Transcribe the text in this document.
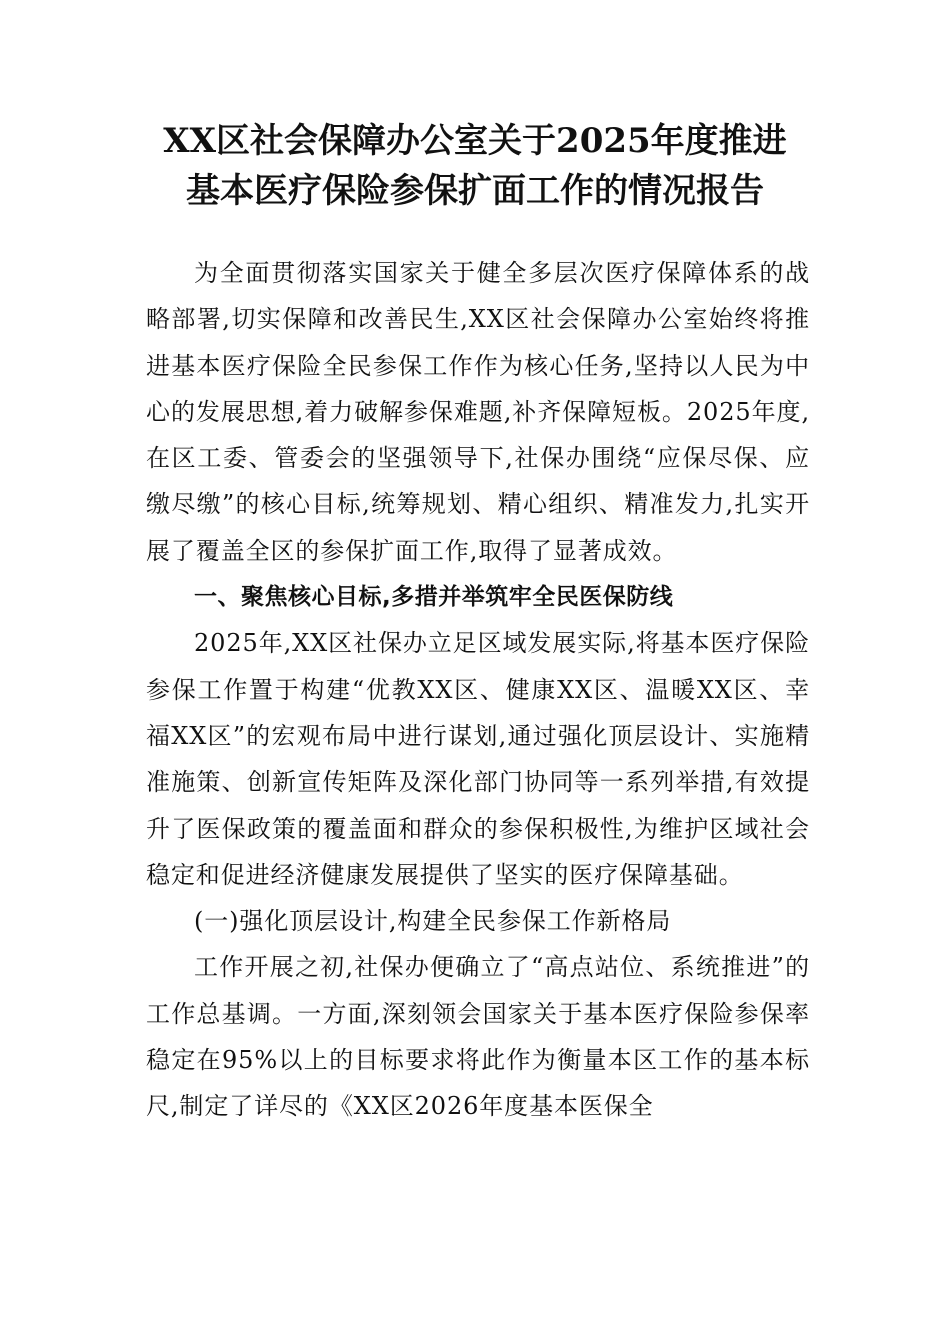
XX区社会保障办公室关于2025年度推进
基本医疗保险参保扩面工作的情况报告

为全面贯彻落实国家关于健全多层次医疗保障体系的战略部署,切实保障和改善民生,XX区社会保障办公室始终将推进基本医疗保险全民参保工作作为核心任务,坚持以人民为中心的发展思想,着力破解参保难题,补齐保障短板。2025年度,在区工委、管委会的坚强领导下,社保办围绕“应保尽保、应缴尽缴”的核心目标,统筹规划、精心组织、精准发力,扎实开展了覆盖全区的参保扩面工作,取得了显著成效。

一、聚焦核心目标,多措并举筑牢全民医保防线

2025年,XX区社保办立足区域发展实际,将基本医疗保险参保工作置于构建“优教XX区、健康XX区、温暖XX区、幸福XX区”的宏观布局中进行谋划,通过强化顶层设计、实施精准施策、创新宣传矩阵及深化部门协同等一系列举措,有效提升了医保政策的覆盖面和群众的参保积极性,为维护区域社会稳定和促进经济健康发展提供了坚实的医疗保障基础。

(一)强化顶层设计,构建全民参保工作新格局

工作开展之初,社保办便确立了“高点站位、系统推进”的工作总基调。一方面,深刻领会国家关于基本医疗保险参保率稳定在95%以上的目标要求将此作为衡量本区工作的基本标尺,制定了详尽的《XX区2026年度基本医保全
